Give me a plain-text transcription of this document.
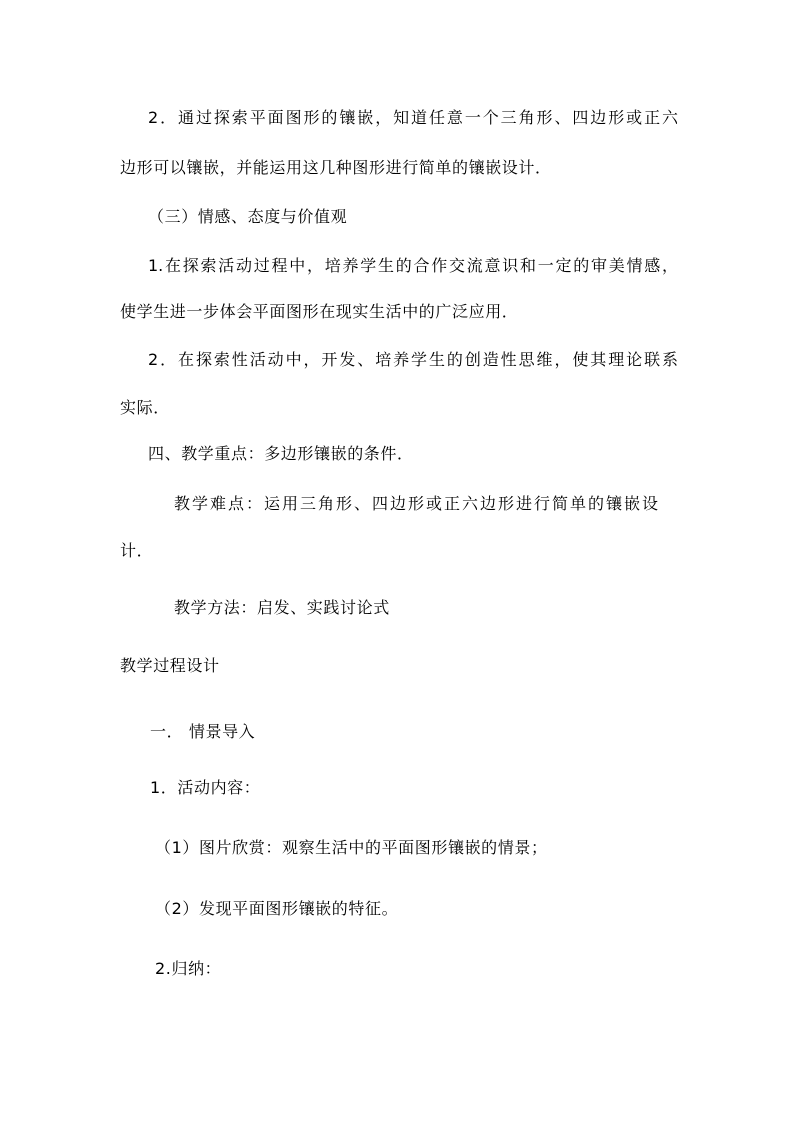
2．通过探索平面图形的镶嵌，知道任意一个三角形、四边形或正六
边形可以镶嵌，并能运用这几种图形进行简单的镶嵌设计．
（三）情感、态度与价值观
1.在探索活动过程中，培养学生的合作交流意识和一定的审美情感，
使学生进一步体会平面图形在现实生活中的广泛应用．
2．在探索性活动中，开发、培养学生的创造性思维，使其理论联系
实际．
四、教学重点：多边形镶嵌的条件．
教学难点：运用三角形、四边形或正六边形进行简单的镶嵌设
计．
教学方法：启发、实践讨论式
教学过程设计
一． 情景导入
1．活动内容：
（1）图片欣赏：观察生活中的平面图形镶嵌的情景；
（2）发现平面图形镶嵌的特征。
2.归纳：
